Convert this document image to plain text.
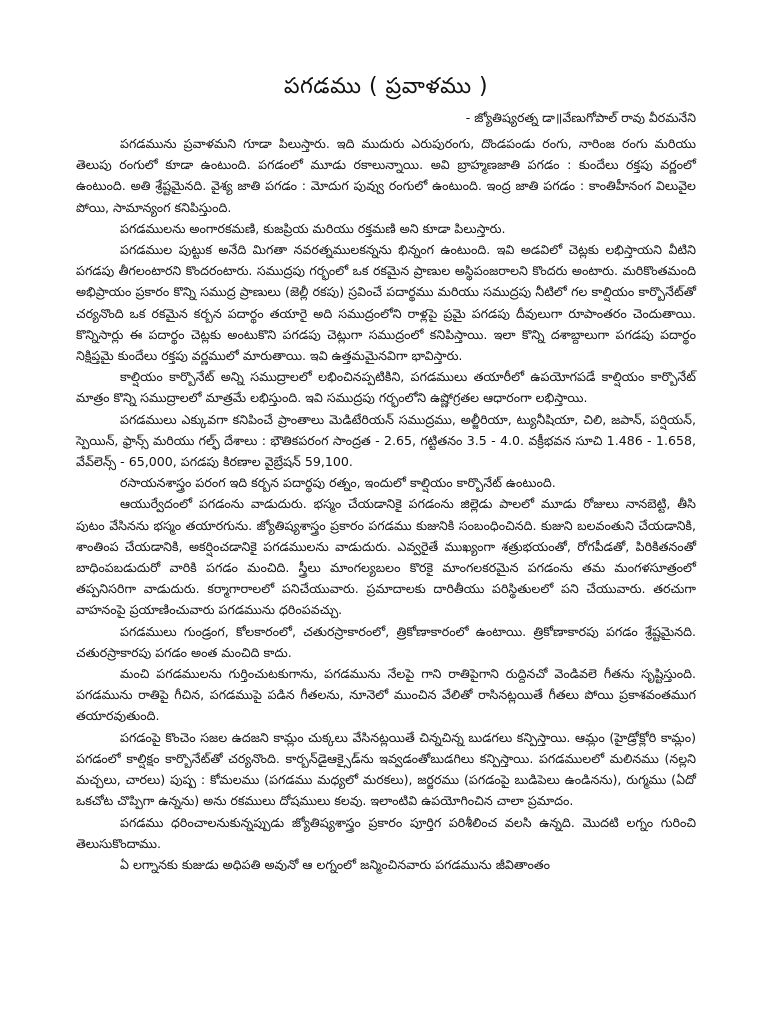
పగడము ( ప్రవాళము )

- జ్యోతిష్యరత్న డా॥వేణుగోపాల్ రావు వీరమనేని

పగడమును ప్రవాళమని గూడా పిలుస్తారు. ఇది ముదురు ఎరుపురంగు, దొండపండు రంగు, నారింజ రంగు మరియు తెలుపు రంగులో కూడా ఉంటుంది. పగడంలో మూడు రకాలున్నాయి. అవి బ్రాహ్మణజాతి పగడం : కుందేలు రక్తపు వర్ణంలో ఉంటుంది. అతి శ్రేష్టమైనది. వైశ్య జాతి పగడం : మోదుగ పువ్వు రంగులో ఉంటుంది. ఇంద్ర జాతి పగడం : కాంతిహీనంగ విలువైల పోయి, సామాన్యంగ కనిపిస్తుంది.

పగడములను అంగారకమణి, కుజప్రియ మరియు రక్తమణి అని కూడా పిలుస్తారు.

పగడముల పుట్టుక అనేది మిగతా నవరత్నములకన్నను భిన్నంగ ఉంటుంది. ఇవి అడవిలో చెట్లకు లభిస్తాయని వీటిని పగడపు తీగలంటారని కొందరంటారు. సముద్రపు గర్భంలో ఒక రకమైన ప్రాణుల అస్థిపంజరాలని కొందరు అంటారు. మరికొంతమంది అభిప్రాయం ప్రకారం కొన్ని సముద్ర ప్రాణులు (జెల్లీ రకపు) స్రవించే పదార్థము మరియు సముద్రపు నీటిలో గల కాల్షియం కార్బొనేట్‌తో చర్యనొంది ఒక రకమైన కర్బన పదార్థం తయారై అది సముద్రంలోని రాళ్లపై ప్రమై పగడపు దీవులుగా రూపాంతరం చెందుతాయి. కొన్నిసార్లు ఈ పదార్థం చెట్లకు అంటుకొని పగడపు చెట్లుగా సముద్రంలో కనిపిస్తాయి. ఇలా కొన్ని దశాబ్దాలుగా పగడపు పదార్థం నిక్షిప్తమై కుందేలు రక్తపు వర్ణములో మారుతాయి. ఇవి ఉత్తమమైనవిగా భావిస్తారు.

కాల్షియం కార్బొనేట్ అన్ని సముద్రాలలో లభించినప్పటికిని, పగడములు తయారీలో ఉపయోగపడే కాల్షియం కార్బొనేట్ మాత్రం కొన్ని సముద్రాలలో మాత్రమే లభిస్తుంది. ఇవి సముద్రపు గర్భంలోని ఉష్ణోగ్రతల ఆధారంగా లభిస్తాయి.

పగడములు ఎక్కువగా కనిపించే ప్రాంతాలు మెడిటేరియన్ సముద్రము, అల్జీరియా, ట్యునీషియా, చిలి, జపాన్, పర్షియన్, స్పెయిన్, ఫ్రాన్స్ మరియు గల్ఫ్ దేశాలు : భౌతికపరంగ సాంద్రత - 2.65, గట్టితనం 3.5 - 4.0. వక్రీభవన సూచి 1.486 - 1.658, వేవ్‌లెన్స్ - 65,000, పగడపు కిరణాల వైబ్రేషన్ 59,100.

రసాయనశాస్త్రం పరంగ ఇది కర్బన పదార్థపు రత్నం, ఇందులో కాల్షియం కార్బొనేట్ ఉంటుంది.

ఆయుర్వేదంలో పగడంను వాడుదురు. భస్మం చేయడానికై పగడంను జిల్లెడు పాలలో మూడు రోజులు నానబెట్టి, తీసి పుటం వేసినను భస్మం తయారగును. జ్యోతిష్యశాస్త్రం ప్రకారం పగడము కుజునికి సంబంధించినది. కుజుని బలవంతుని చేయడానికి, శాంతింప చేయడానికి, అకర్షించడానికై పగడములను వాడుదురు. ఎవ్వరైతే ముఖ్యంగా శత్రుభయంతో, రోగపీడతో, పిరికితనంతో బాధింపబడుదురో వారికి పగడం మంచిది. స్త్రీలు మాంగల్యబలం కొరకై మాంగలకరమైన పగడంను తమ మంగళసూత్రంలో తప్పనిసరిగా వాడుదురు. కర్మాగారాలలో పనిచేయువారు. ప్రమాదాలకు దారితీయు పరిస్థితులలో పని చేయువారు. తరచుగా వాహనంపై ప్రయాణించువారు పగడమును ధరింపవచ్చు.

పగడములు గుండ్రంగ, కోలకారంలో, చతురస్రాకారంలో, త్రికోణాకారంలో ఉంటాయి. త్రికోణాకారపు పగడం శ్రేష్టమైనది. చతురస్రాకారపు పగడం అంత మంచిది కాదు.

మంచి పగడములను గుర్తించుటకుగాను, పగడమును నేలపై గాని రాతిపైగాని రుద్దినచో వెండివలె గీతను సృష్టిస్తుంది. పగడమును రాతిపై గీచిన, పగడముపై పడిన గీతలను, నూనెలో ముంచిన వేలితో రాసినట్లయితే గీతలు పోయి ప్రకాశవంతముగ తయారవుతుంది.

పగడంపై కొంచెం సజల ఉదజని కామ్లం చుక్కలు వేసినట్లయితే చిన్నచిన్న బుడగలు కన్పిస్తాయి. ఆమ్లం (హైడ్రోక్లోరి కామ్లం) పగడంలో కాల్షిక్షం కార్బొనేట్‌తో చర్యనొంది. కార్బన్‌డైఆక్సైడ్‌ను ఇవ్వడంతోబుడగిలు కన్పిస్తాయి. పగడములలో మలినము (నల్లని మచ్చలు, చారలు) పుష్ప : కోమలము (పగడము మధ్యలో మరకలు), జర్జరము (పగడంపై బుడిపెలు ఉండినను), రుగ్మము (ఏదో ఒకచోట చొప్పిగా ఉన్నను) అను రకములు దోషములు కలవు. ఇలాంటివి ఉపయోగించిన చాలా ప్రమాదం.

పగడము ధరించాలనుకున్నప్పుడు జ్యోతిష్యశాస్త్రం ప్రకారం పూర్తిగ పరిశీలించ వలసి ఉన్నది. మొదటి లగ్నం గురించి తెలుసుకొందాము.

ఏ లగ్నానకు కుజుడు అధిపతి అవునో ఆ లగ్నంలో జన్మించినవారు పగడమును జీవితాంతం
